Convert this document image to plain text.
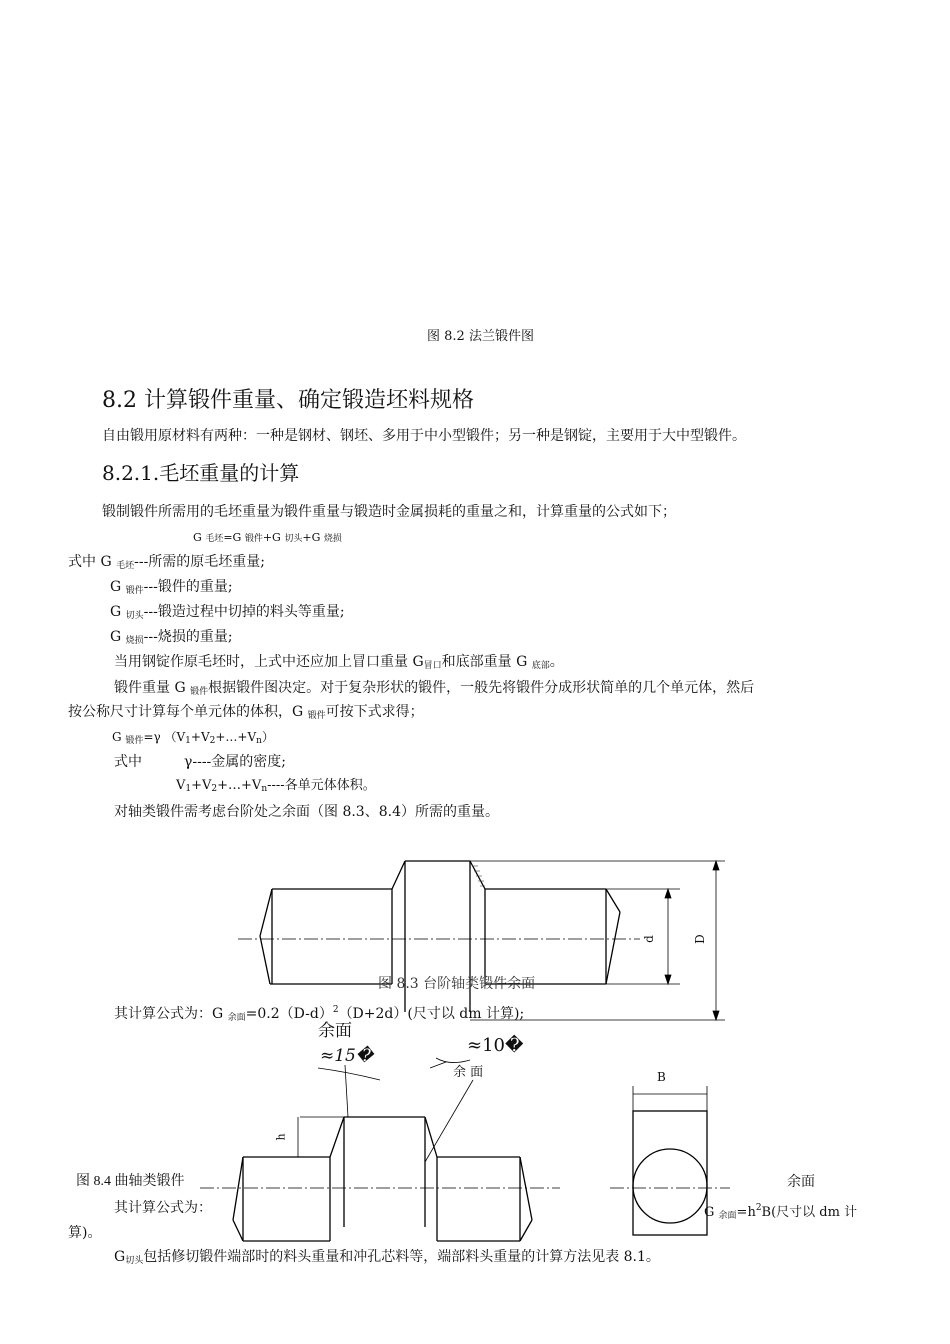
图 8.2 法兰锻件图
8.2 计算锻件重量、确定锻造坯料规格
自由锻用原材料有两种：一种是钢材、钢坯、多用于中小型锻件；另一种是钢锭，主要用于大中型锻件。
8.2.1.毛坯重量的计算
锻制锻件所需用的毛坯重量为锻件重量与锻造时金属损耗的重量之和，计算重量的公式如下；
G 毛坯=G 锻件+G 切头+G 烧损
式中 G $_{毛坯}$---所需的原毛坯重量;
G $_{锻件}$---锻件的重量;
G $_{切头}$---锻造过程中切掉的料头等重量;
G $_{烧损}$---烧损的重量;
当用钢锭作原毛坯时，上式中还应加上冒口重量 $G_{冒口}$和底部重量 G $_{底部}$。
锻件重量 G $_{锻件}$根据锻件图决定。对于复杂形状的锻件，一般先将锻件分成形状简单的几个单元体，然后
按公称尺寸计算每个单元体的体积，G $_{锻件}$可按下式求得；
G $_{锻件}$=γ $(V_1+V_2+\dots+V_n)$
式中	γ----金属的密度;
$V_1+V_2+\dots+V_n----$各单元体体积。
对轴类锻件需考虑台阶处之余面（图 8.3、8.4）所需的重量。
d	D
图 8.3 台阶轴类锻件余面
其计算公式为：G $_{余面}=0.2(D-d)^2(D+2d)$(尺寸以 dm 计算);
余面
≈15�	≈10�
余 面
h
B
图 8.4 曲轴类锻件	余面
其计算公式为：	G $_{余面}=h^2B$(尺寸以 dm 计
算)。
$G_{切头}$包括修切锻件端部时的料头重量和冲孔芯料等，端部料头重量的计算方法见表 8.1。
